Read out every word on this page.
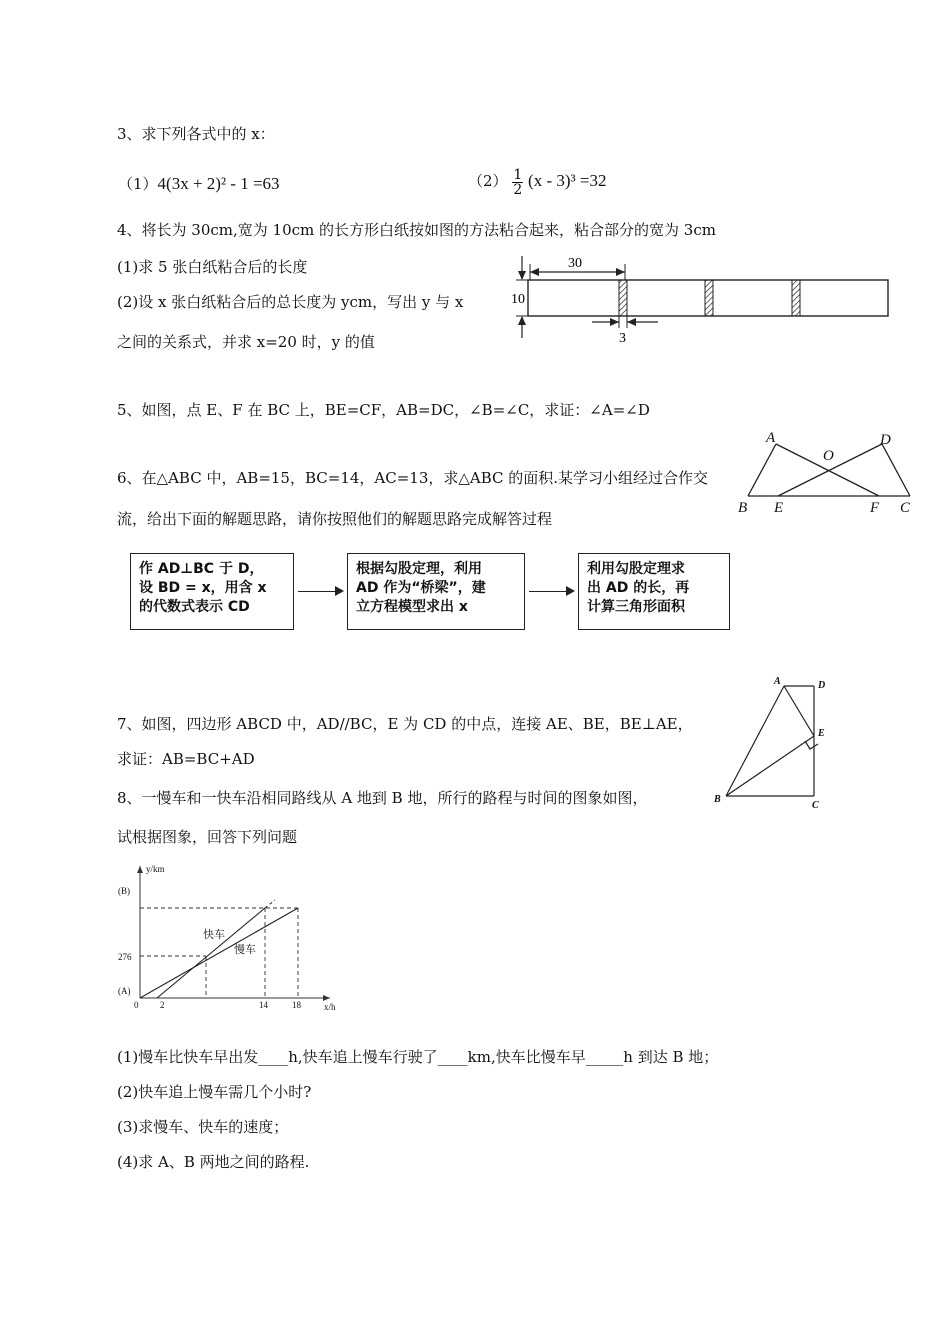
3、求下列各式中的 x：
（1）4(3x + 2)² - 1 =63	$(2) \frac{1}{2} (x - 3)^3 =32$
4、将长为 30cm,宽为 10cm 的长方形白纸按如图的方法粘合起来，粘合部分的宽为 3cm
(1)求 5 张白纸粘合后的长度
(2)设 x 张白纸粘合后的总长度为 ycm，写出 y 与 x
之间的关系式，并求 x=20 时，y 的值
30
10
3
5、如图，点 E、F 在 BC 上，BE=CF，AB=DC，∠B=∠C，求证：∠A=∠D
A	D
O
B E	F C
6、在△ABC 中，AB=15，BC=14，AC=13，求△ABC 的面积.某学习小组经过合作交
流，给出下面的解题思路，请你按照他们的解题思路完成解答过程
作 AD⊥BC 于 D，
设 BD = x，用含 x
的代数式表示 CD
根据勾股定理，利用
AD 作为“桥梁”，建
立方程模型求出 x
利用勾股定理求
出 AD 的长，再
计算三角形面积
7、如图，四边形 ABCD 中，AD//BC，E 为 CD 的中点，连接 AE、BE，BE⊥AE，
求证：AB=BC+AD
A	D
E
B
C
8、一慢车和一快车沿相同路线从 A 地到 B 地，所行的路程与时间的图象如图，
试根据图象，回答下列问题
y/km
x/h
(B)
276
(A)
0 2	14	18
快车
慢车
(1)慢车比快车早出发____h,快车追上慢车行驶了____km,快车比慢车早_____h 到达 B 地；
(2)快车追上慢车需几个小时?
(3)求慢车、快车的速度；
(4)求 A、B 两地之间的路程.
